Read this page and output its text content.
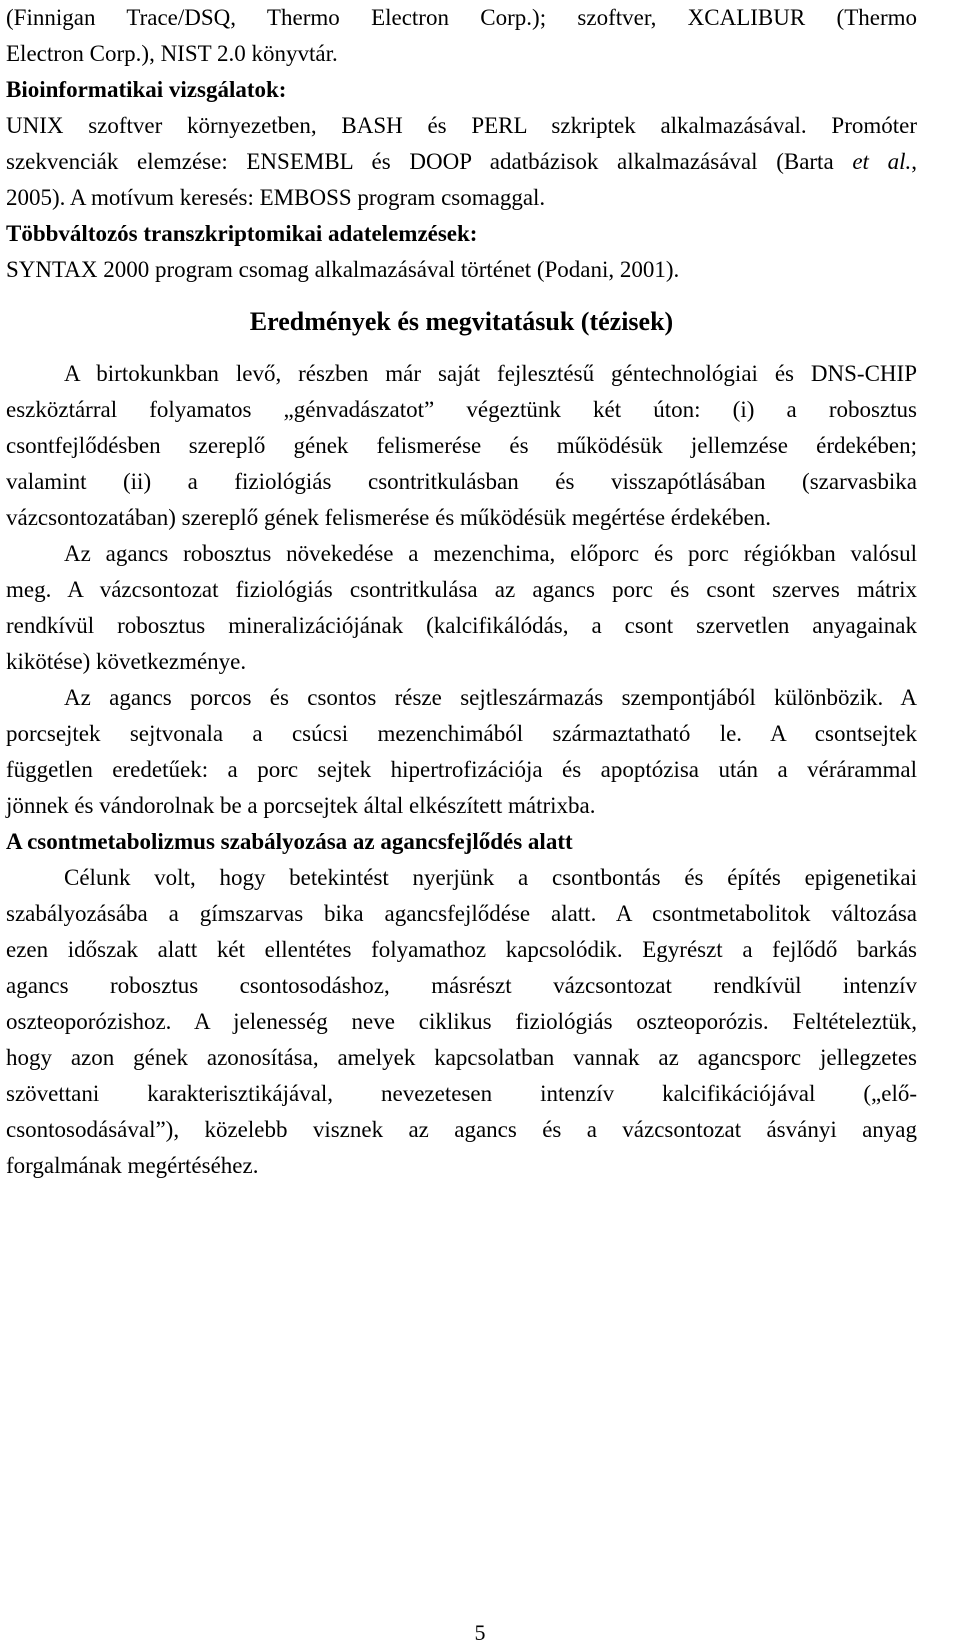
(Finnigan Trace/DSQ, Thermo Electron Corp.); szoftver, XCALIBUR (Thermo
Electron Corp.), NIST 2.0 könyvtár.
Bioinformatikai vizsgálatok:
UNIX szoftver környezetben, BASH és PERL szkriptek alkalmazásával. Promóter
szekvenciák elemzése: ENSEMBL és DOOP adatbázisok alkalmazásával (Barta et al.,
2005). A motívum keresés: EMBOSS program csomaggal.
Többváltozós transzkriptomikai adatelemzések:
SYNTAX 2000 program csomag alkalmazásával történet (Podani, 2001).
Eredmények és megvitatásuk (tézisek)
A birtokunkban levő, részben már saját fejlesztésű géntechnológiai és DNS-CHIP
eszköztárral folyamatos „génvadászatot” végeztünk két úton: (i) a robosztus
csontfejlődésben szereplő gének felismerése és működésük jellemzése érdekében;
valamint (ii) a fiziológiás csontritkulásban és visszapótlásában (szarvasbika
vázcsontozatában) szereplő gének felismerése és működésük megértése érdekében.
Az agancs robosztus növekedése a mezenchima, előporc és porc régiókban valósul
meg. A vázcsontozat fiziológiás csontritkulása az agancs porc és csont szerves mátrix
rendkívül robosztus mineralizációjának (kalcifikálódás, a csont szervetlen anyagainak
kikötése) következménye.
Az agancs porcos és csontos része sejtleszármazás szempontjából különbözik. A
porcsejtek sejtvonala a csúcsi mezenchimából származtatható le. A csontsejtek
független eredetűek: a porc sejtek hipertrofizációja és apoptózisa után a vérárammal
jönnek és vándorolnak be a porcsejtek által elkészített mátrixba.
A csontmetabolizmus szabályozása az agancsfejlődés alatt
Célunk volt, hogy betekintést nyerjünk a csontbontás és építés epigenetikai
szabályozásába a gímszarvas bika agancsfejlődése alatt. A csontmetabolitok változása
ezen időszak alatt két ellentétes folyamathoz kapcsolódik. Egyrészt a fejlődő barkás
agancs robosztus csontosodáshoz, másrészt vázcsontozat rendkívül intenzív
oszteoporózishoz. A jelenesség neve ciklikus fiziológiás oszteoporózis. Feltételeztük,
hogy azon gének azonosítása, amelyek kapcsolatban vannak az agancsporc jellegzetes
szövettani karakterisztikájával, nevezetesen intenzív kalcifikációjával („elő-
csontosodásával”), közelebb visznek az agancs és a vázcsontozat ásványi anyag
forgalmának megértéséhez.
5
